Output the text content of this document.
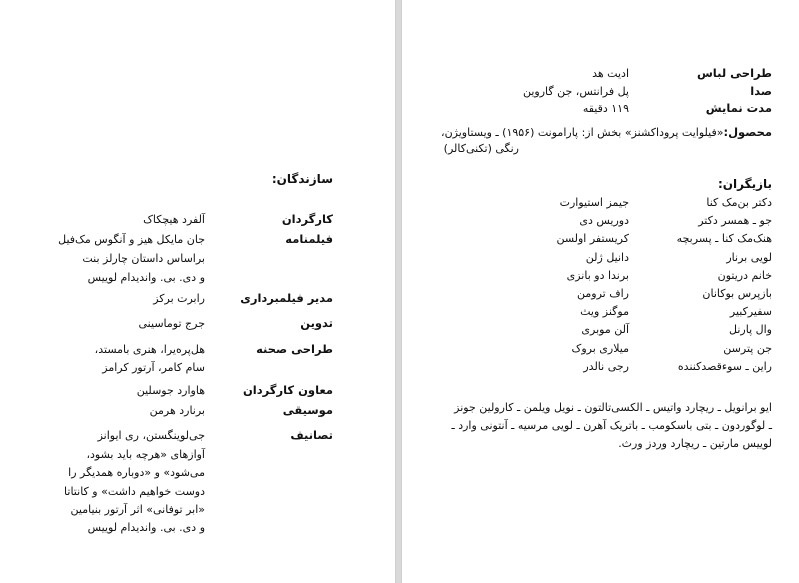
سازندگان:
کارگردان
آلفرد هیچکاک
فیلمنامه
جان مایکل هیز و آنگوس مک‌فیل
براساس داستان چارلز بنت
و دی. بی. واندیدام لوییس
مدیر فیلمبرداری
رابرت برکز
تدوین
جرج توماسینی
طراحی صحنه
هل‌پره‌یرا، هنری بامستد،
سام کامر، آرتور کرامز
معاون کارگردان
هاوارد جوسلین
موسیقی
برنارد هرمن
تصانیف
جی‌لوینگستن، ری ایوانز
آوازهای «هرچه باید بشود،
می‌شود» و «دوباره همدیگر را
دوست خواهیم داشت» و کانتاتا
«ابر توفانی» اثر آرتور بنیامین
و دی. بی. واندیدام لوییس
محصول:«فیلوایت پروداکشنز» بخش از: پارامونت (۱۹۵۶) ـ ویستاویژن،
رنگی (تکنی‌کالر)
بازیگران:
طراحی لباس
ادیت هد
صدا
پل فرانتس، جن گاروین
مدت نمایش
۱۱۹ دقیقه
دکتر بن‌مک کنا
جیمز استیوارت
جو ـ همسر دکتر
دوریس دی
هنک‌مک کنا ـ پسربچه
کریستفر اولسن
لویی برنار
دانیل ژلن
خانم دریتون
برندا دو بانزی
بازپرس بوکانان
راف ترومن
سفیرکبیر
موگنز ویث
وال پارنل
آلن موبری
جن پترسن
میلاری بروک
راین ـ سوءقصدکننده
رجی نالدر
ایو برانویل ـ ریچارد واتیس ـ الکسی‌تالتون ـ نویل ویلمن ـ کارولین جونز
ـ لوگوردون ـ بتی باسکومب ـ باتریک آهرن ـ لویی مرسیه ـ آنتونی وارد ـ
لوییس مارتین ـ ریچارد وردز ورث.
